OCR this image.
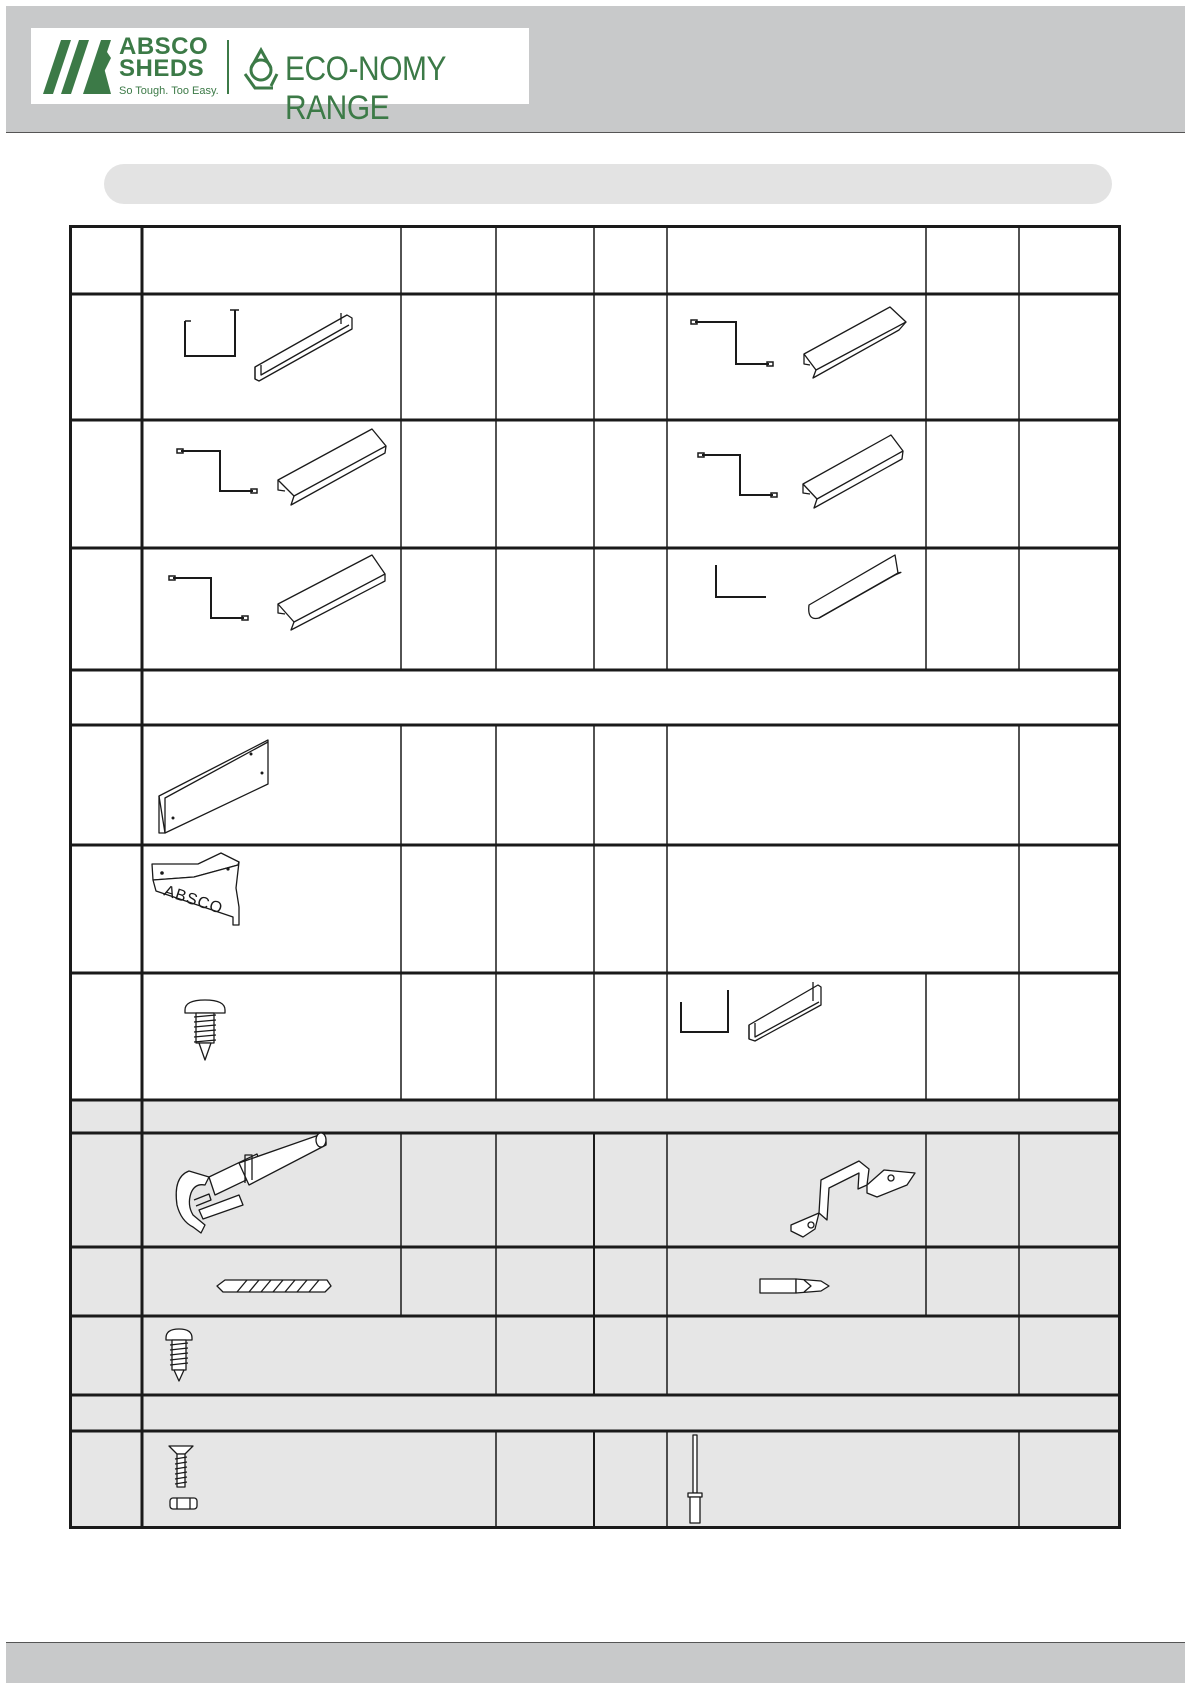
ABSCO
SHEDS
So Tough. Too Easy.
ECO-NOMY RANGE
ABSCO
